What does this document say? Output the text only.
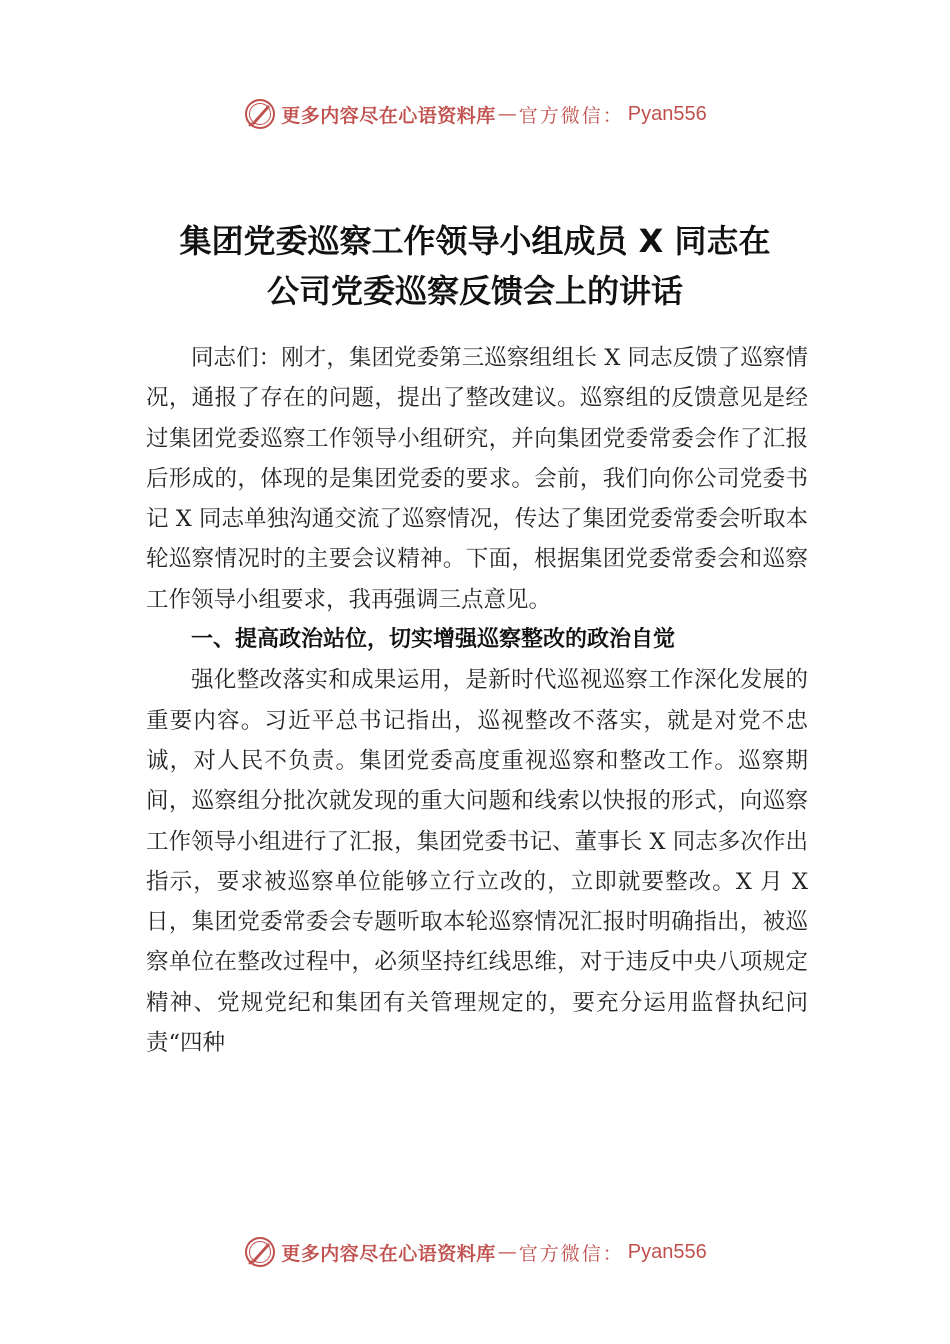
更多内容尽在心语资料库 — 官方微信： Pyan556
集团党委巡察工作领导小组成员 X 同志在
公司党委巡察反馈会上的讲话

同志们：刚才，集团党委第三巡察组组长 X 同志反馈了巡察情况，通报了存在的问题，提出了整改建议。巡察组的反馈意见是经过集团党委巡察工作领导小组研究，并向集团党委常委会作了汇报后形成的，体现的是集团党委的要求。会前，我们向你公司党委书记 X 同志单独沟通交流了巡察情况，传达了集团党委常委会听取本轮巡察情况时的主要会议精神。下面，根据集团党委常委会和巡察工作领导小组要求，我再强调三点意见。

一、提高政治站位，切实增强巡察整改的政治自觉

强化整改落实和成果运用，是新时代巡视巡察工作深化发展的重要内容。习近平总书记指出，巡视整改不落实，就是对党不忠诚，对人民不负责。集团党委高度重视巡察和整改工作。巡察期间，巡察组分批次就发现的重大问题和线索以快报的形式，向巡察工作领导小组进行了汇报，集团党委书记、董事长 X 同志多次作出指示，要求被巡察单位能够立行立改的，立即就要整改。X 月 X 日，集团党委常委会专题听取本轮巡察情况汇报时明确指出，被巡察单位在整改过程中，必须坚持红线思维，对于违反中央八项规定精神、党规党纪和集团有关管理规定的，要充分运用监督执纪问责“四种

更多内容尽在心语资料库 — 官方微信： Pyan556
